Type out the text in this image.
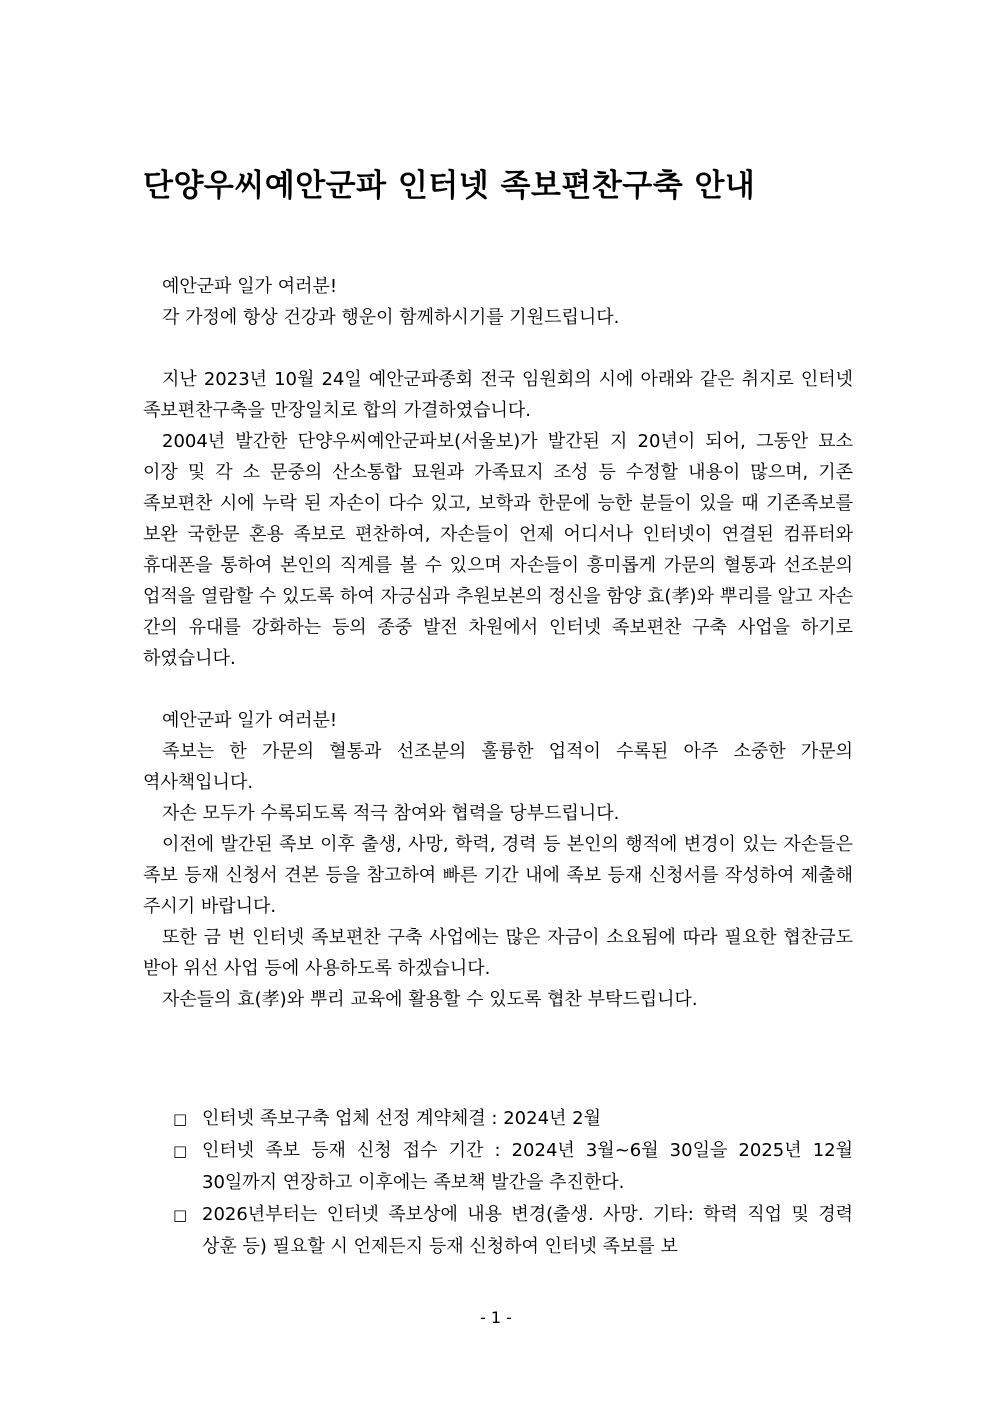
단양우씨예안군파 인터넷 족보편찬구축 안내

예안군파 일가 여러분!

각 가정에 항상 건강과 행운이 함께하시기를 기원드립니다.

지난 2023년 10월 24일 예안군파종회 전국 임원회의 시에 아래와 같은 취지로 인터넷 족보편찬구축을 만장일치로 합의 가결하였습니다.

2004년 발간한 단양우씨예안군파보(서울보)가 발간된 지 20년이 되어, 그동안 묘소 이장 및 각 소 문중의 산소통합 묘원과 가족묘지 조성 등 수정할 내용이 많으며, 기존 족보편찬 시에 누락 된 자손이 다수 있고, 보학과 한문에 능한 분들이 있을 때 기존족보를 보완 국한문 혼용 족보로 편찬하여, 자손들이 언제 어디서나 인터넷이 연결된 컴퓨터와 휴대폰을 통하여 본인의 직계를 볼 수 있으며 자손들이 흥미롭게 가문의 혈통과 선조분의 업적을 열람할 수 있도록 하여 자긍심과 추원보본의 정신을 함양 효(孝)와 뿌리를 알고 자손 간의 유대를 강화하는 등의 종중 발전 차원에서 인터넷 족보편찬 구축 사업을 하기로 하였습니다.

예안군파 일가 여러분!

족보는 한 가문의 혈통과 선조분의 훌륭한 업적이 수록된 아주 소중한 가문의 역사책입니다.

자손 모두가 수록되도록 적극 참여와 협력을 당부드립니다.

이전에 발간된 족보 이후 출생, 사망, 학력, 경력 등 본인의 행적에 변경이 있는 자손들은 족보 등재 신청서 견본 등을 참고하여 빠른 기간 내에 족보 등재 신청서를 작성하여 제출해 주시기 바랍니다.

또한 금 번 인터넷 족보편찬 구축 사업에는 많은 자금이 소요됨에 따라 필요한 협찬금도 받아 위선 사업 등에 사용하도록 하겠습니다.

자손들의 효(孝)와 뿌리 교육에 활용할 수 있도록 협찬 부탁드립니다.

□ 인터넷 족보구축 업체 선정 계약체결 : 2024년 2월

□ 인터넷 족보 등재 신청 접수 기간 : 2024년 3월~6월 30일을 2025년 12월 30일까지 연장하고 이후에는 족보책 발간을 추진한다.

□ 2026년부터는 인터넷 족보상에 내용 변경(출생. 사망. 기타: 학력 직업 및 경력 상훈 등) 필요할 시 언제든지 등재 신청하여 인터넷 족보를 보

- 1 -
